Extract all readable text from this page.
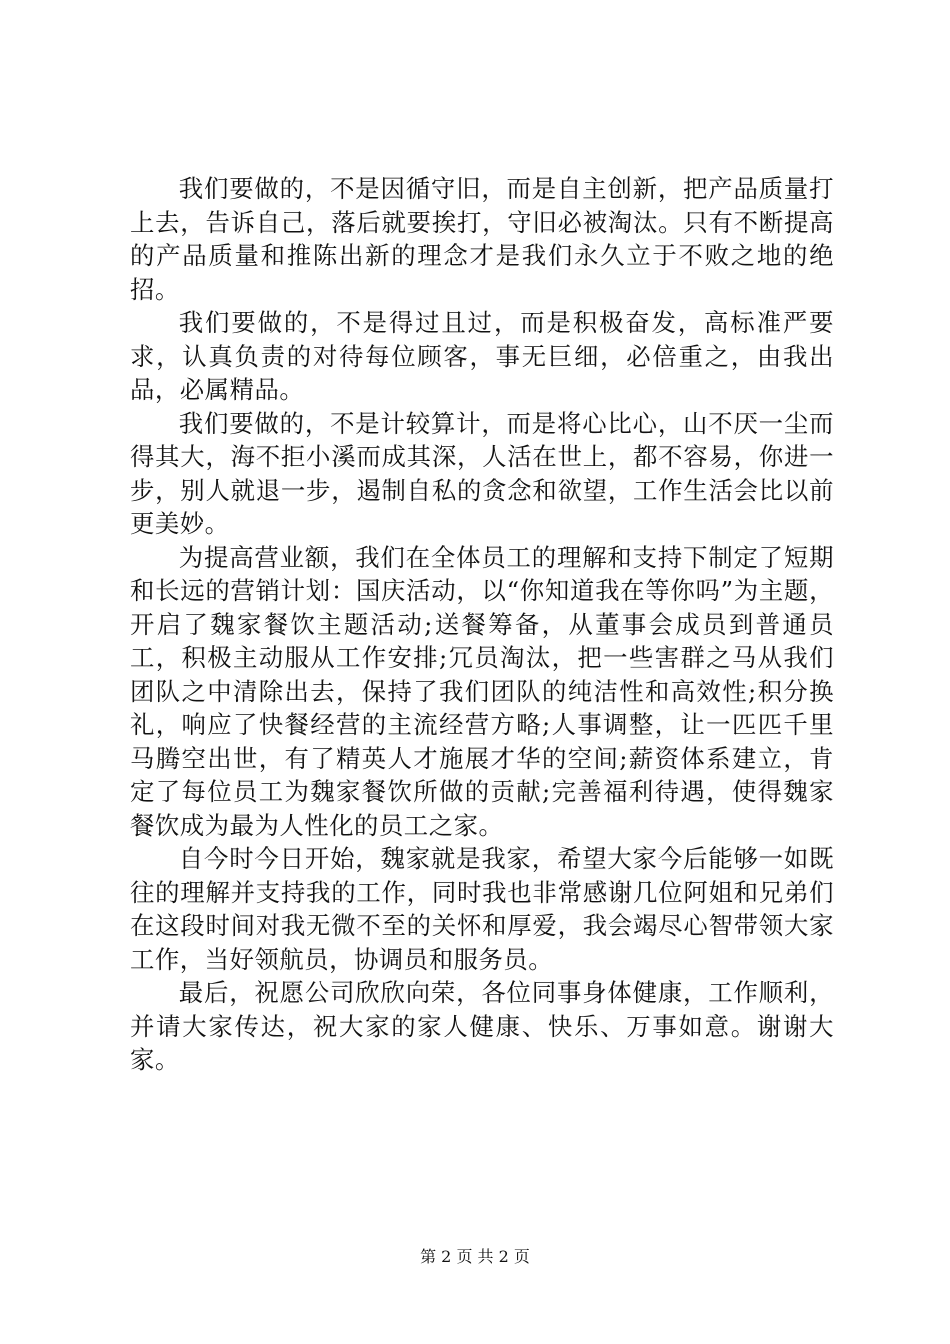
我们要做的，不是因循守旧，而是自主创新，把产品质量打上去，告诉自己，落后就要挨打，守旧必被淘汰。只有不断提高的产品质量和推陈出新的理念才是我们永久立于不败之地的绝招。

我们要做的，不是得过且过，而是积极奋发，高标准严要求，认真负责的对待每位顾客，事无巨细，必倍重之，由我出品，必属精品。

我们要做的，不是计较算计，而是将心比心，山不厌一尘而得其大，海不拒小溪而成其深，人活在世上，都不容易，你进一步，别人就退一步，遏制自私的贪念和欲望，工作生活会比以前更美妙。

为提高营业额，我们在全体员工的理解和支持下制定了短期和长远的营销计划：国庆活动，以“你知道我在等你吗”为主题，开启了魏家餐饮主题活动;送餐筹备，从董事会成员到普通员工，积极主动服从工作安排;冗员淘汰，把一些害群之马从我们团队之中清除出去，保持了我们团队的纯洁性和高效性;积分换礼，响应了快餐经营的主流经营方略;人事调整，让一匹匹千里马腾空出世，有了精英人才施展才华的空间;薪资体系建立，肯定了每位员工为魏家餐饮所做的贡献;完善福利待遇，使得魏家餐饮成为最为人性化的员工之家。

自今时今日开始，魏家就是我家，希望大家今后能够一如既往的理解并支持我的工作，同时我也非常感谢几位阿姐和兄弟们在这段时间对我无微不至的关怀和厚爱，我会竭尽心智带领大家工作，当好领航员，协调员和服务员。

最后，祝愿公司欣欣向荣，各位同事身体健康，工作顺利，并请大家传达，祝大家的家人健康、快乐、万事如意。谢谢大家。

第 2 页 共 2 页
